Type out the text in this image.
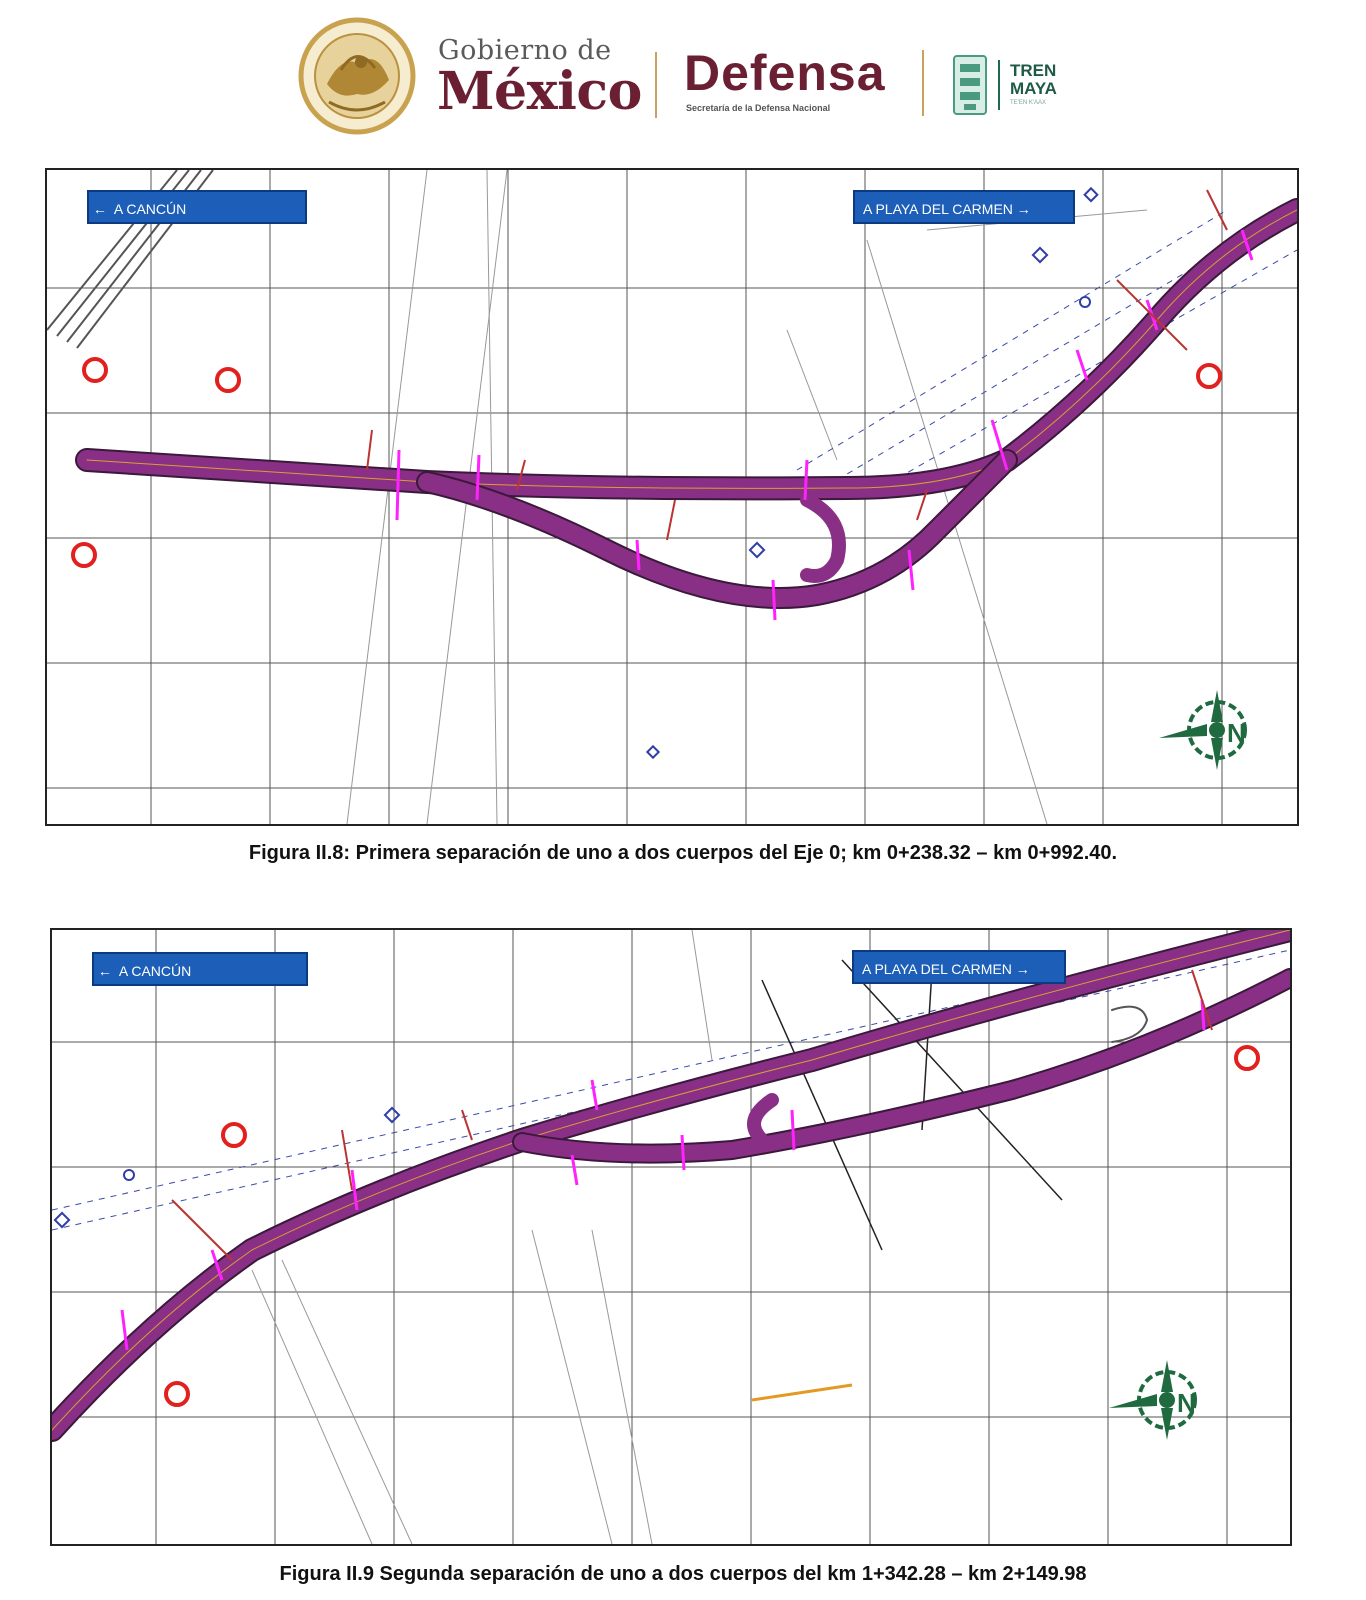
Gobierno de
México Defensa
Secretaría de la Defensa Nacional
TREN
MAYA
TE'EN K'AAX
N
←  A CANCÚN	A PLAYA DEL CARMEN →
Figura II.8: Primera separación de uno a dos cuerpos del Eje 0; km 0+238.32 – km 0+992.40.
N
←  A CANCÚN	A PLAYA DEL CARMEN →
Figura II.9 Segunda separación de uno a dos cuerpos del km 1+342.28 – km 2+149.98
